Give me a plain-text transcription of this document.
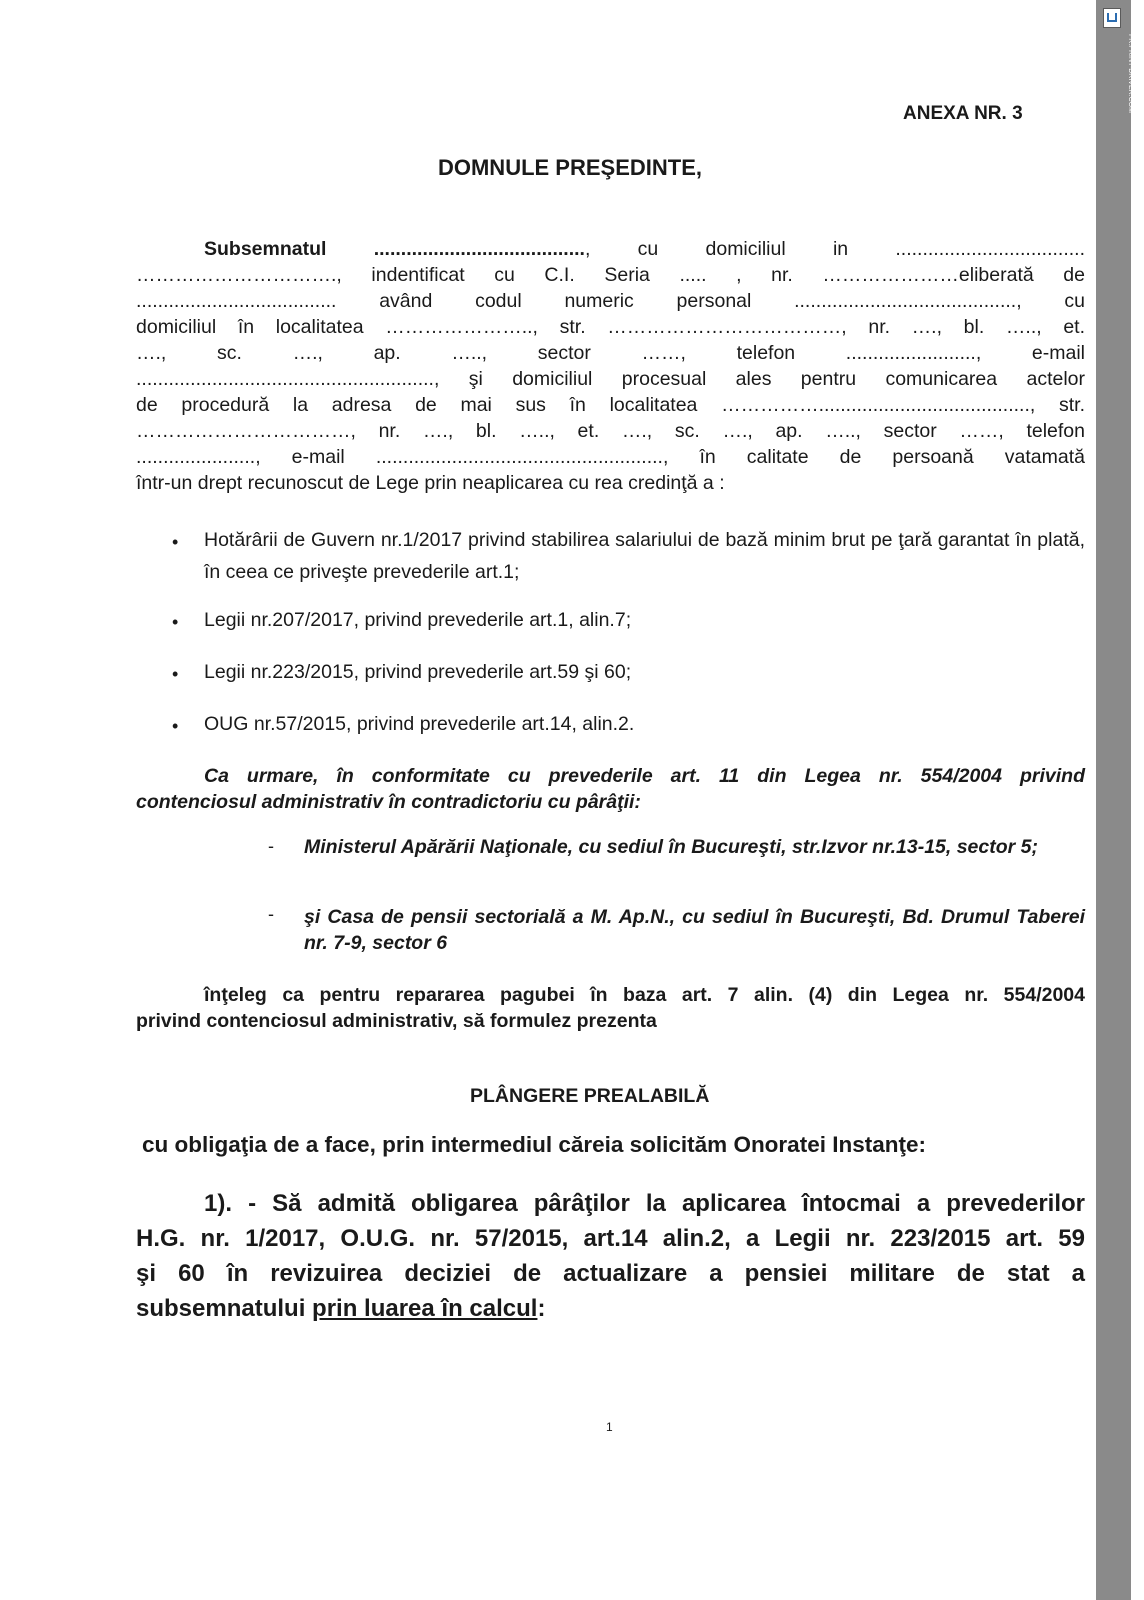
ANEXA NR. 3
DOMNULE PREŞEDINTE,
Subsemnatul ......................................., cu domiciliul in ...................................
…………………………., indentificat cu C.I. Seria ..... , nr. …………………eliberată de
..................................... având codul numeric personal ........................................., cu
domiciliul în localitatea ………………….., str. ………………………………, nr. …., bl. ….., et.
…., sc. …., ap. ….., sector ……, telefon ........................, e-mail
......................................................., şi domiciliul procesual ales pentru comunicarea actelor
de procedură la adresa de mai sus în localitatea ……………......................................., str.
……………………………, nr. …., bl. ….., et. …., sc. …., ap. ….., sector ……, telefon
......................, e-mail ....................................................., în calitate de persoană vatamată
într-un drept recunoscut de Lege prin neaplicarea cu rea credinţă a :
• Hotărârii de Guvern nr.1/2017 privind stabilirea salariului de bază minim brut pe ţară garantat în plată, în ceea ce priveşte prevederile art.1;
• Legii nr.207/2017, privind prevederile art.1, alin.7;
• Legii nr.223/2015, privind prevederile art.59 şi 60;
• OUG nr.57/2015, privind prevederile art.14, alin.2.
Ca urmare, în conformitate cu prevederile art. 11 din Legea nr. 554/2004 privind
contenciosul administrativ în contradictoriu cu pârâţii:
- Ministerul Apărării Naţionale, cu sediul în Bucureşti, str.Izvor nr.13-15, sector 5;
- şi Casa de pensii sectorială a M. Ap.N., cu sediul în Bucureşti, Bd. Drumul Taberei nr. 7-9, sector 6
înţeleg ca pentru repararea pagubei în baza art. 7 alin. (4) din Legea nr. 554/2004
privind contenciosul administrativ, să formulez prezenta
PLÂNGERE PREALABILĂ
cu obligaţia de a face, prin intermediul căreia solicităm Onoratei Instanţe:
1). - Să admită obligarea pârâţilor la aplicarea întocmai a prevederilor
H.G. nr. 1/2017, O.U.G. nr. 57/2015, art.14 alin.2, a Legii nr. 223/2015 art. 59
şi 60 în revizuirea deciziei de actualizare a pensiei militare de stat a
subsemnatului prin luarea în calcul:
1
Créé par la version démo de Universal Document Converter. La version complète n'ajoute pas ce texte.
FR.PRINT-DRIVER.COM
